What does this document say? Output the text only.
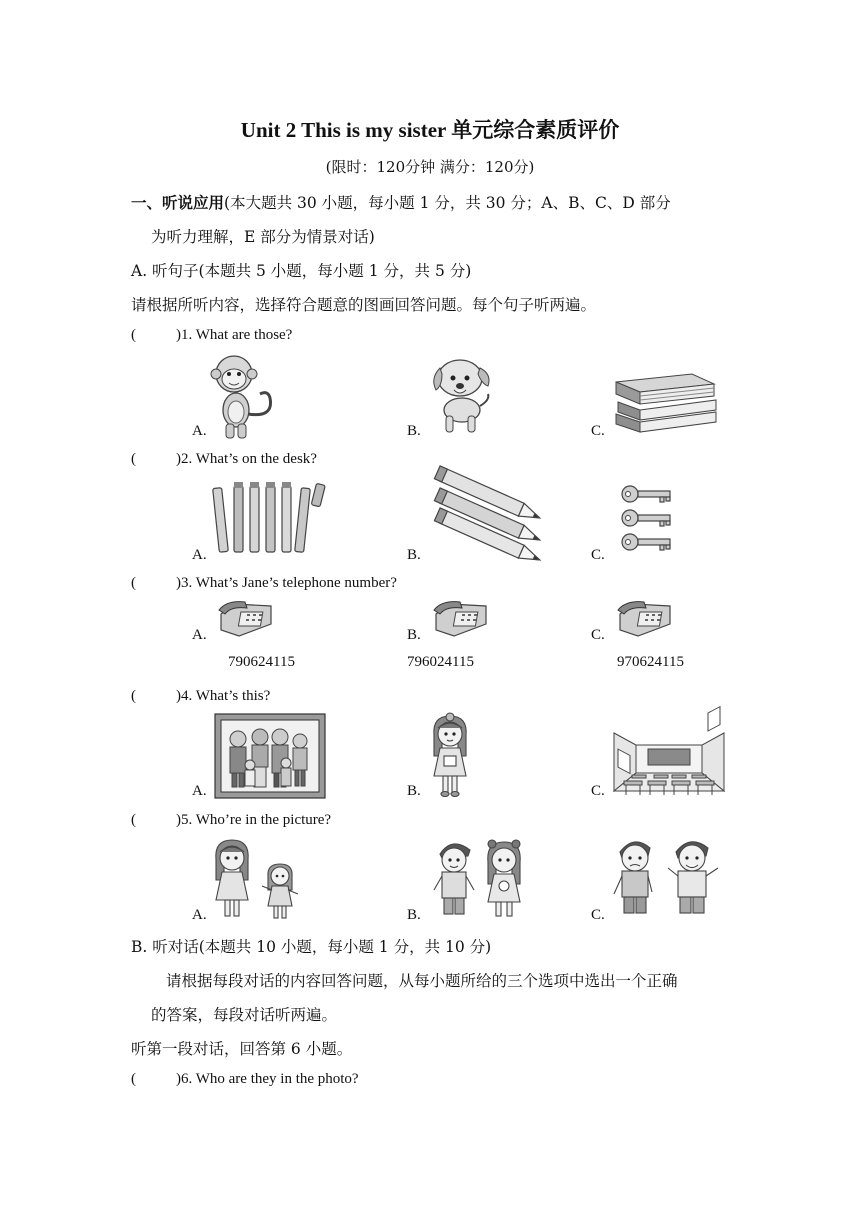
Unit 2 This is my sister 单元综合素质评价
(限时：120分钟 满分：120分)
一、听说应用(本大题共 30 小题，每小题 1 分，共 30 分；A、B、C、D 部分
为听力理解，E 部分为情景对话)
A. 听句子(本题共 5 小题，每小题 1 分，共 5 分)
请根据所听内容，选择符合题意的图画回答问题。每个句子听两遍。
(	)1. What are those?
A.	B.	C.
(	)2. What’s on the desk?
A.	B.	C.
(	)3. What’s Jane’s telephone number?
A.	B.	C.
790624115	796024115	970624115
(	)4. What’s this?
A.	B.	C.
(	)5. Who’re in the picture?
A.	B.	C.
B. 听对话(本题共 10 小题，每小题 1 分，共 10 分)
请根据每段对话的内容回答问题，从每小题所给的三个选项中选出一个正确
的答案，每段对话听两遍。
听第一段对话，回答第 6 小题。
(	)6. Who are they in the photo?
